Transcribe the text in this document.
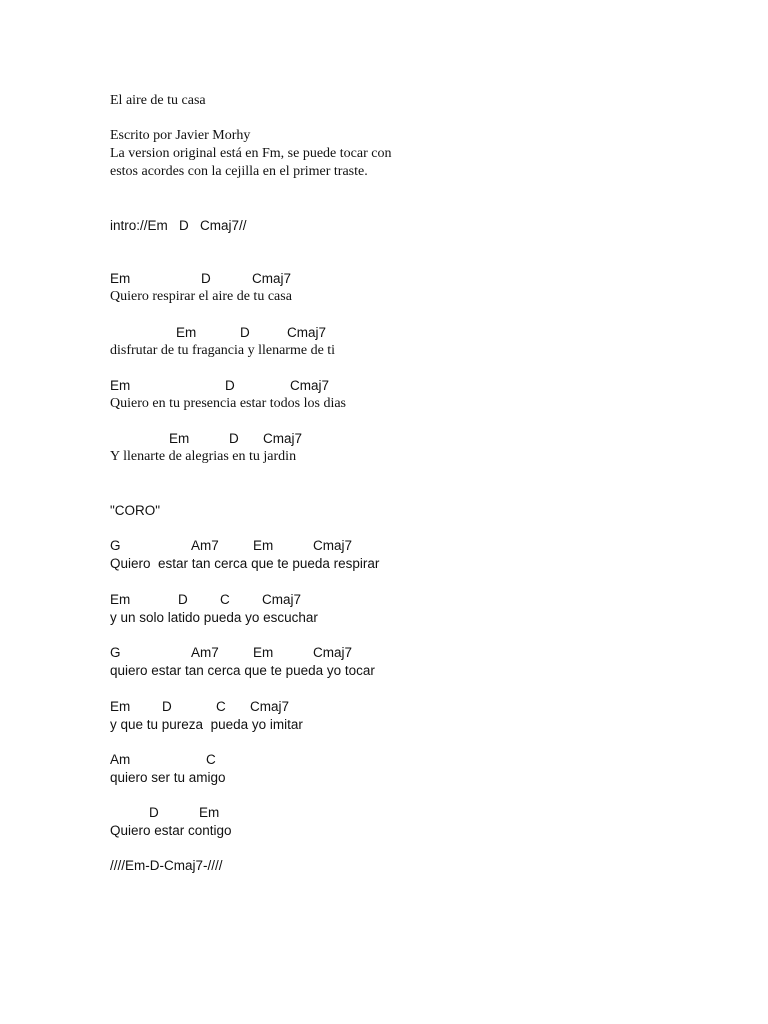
El aire de tu casa
Escrito por Javier Morhy
La version original está en Fm, se puede tocar con
estos acordes con la cejilla en el primer traste.
intro://Em   D   Cmaj7//
Em	D	Cmaj7
Quiero respirar el aire de tu casa
Em	D	Cmaj7
disfrutar de tu fragancia y llenarme de ti
Em	D	Cmaj7
Quiero en tu presencia estar todos los dias
Em	D Cmaj7
Y llenarte de alegrias en tu jardin
"CORO"
G	Am7	Em	Cmaj7
Quiero  estar tan cerca que te pueda respirar
Em	D C Cmaj7
y un solo latido pueda yo escuchar
G	Am7	Em	Cmaj7
quiero estar tan cerca que te pueda yo tocar
Em D	C Cmaj7
y que tu pureza  pueda yo imitar
Am	C
quiero ser tu amigo
D	Em
Quiero estar contigo
////Em-D-Cmaj7-////
